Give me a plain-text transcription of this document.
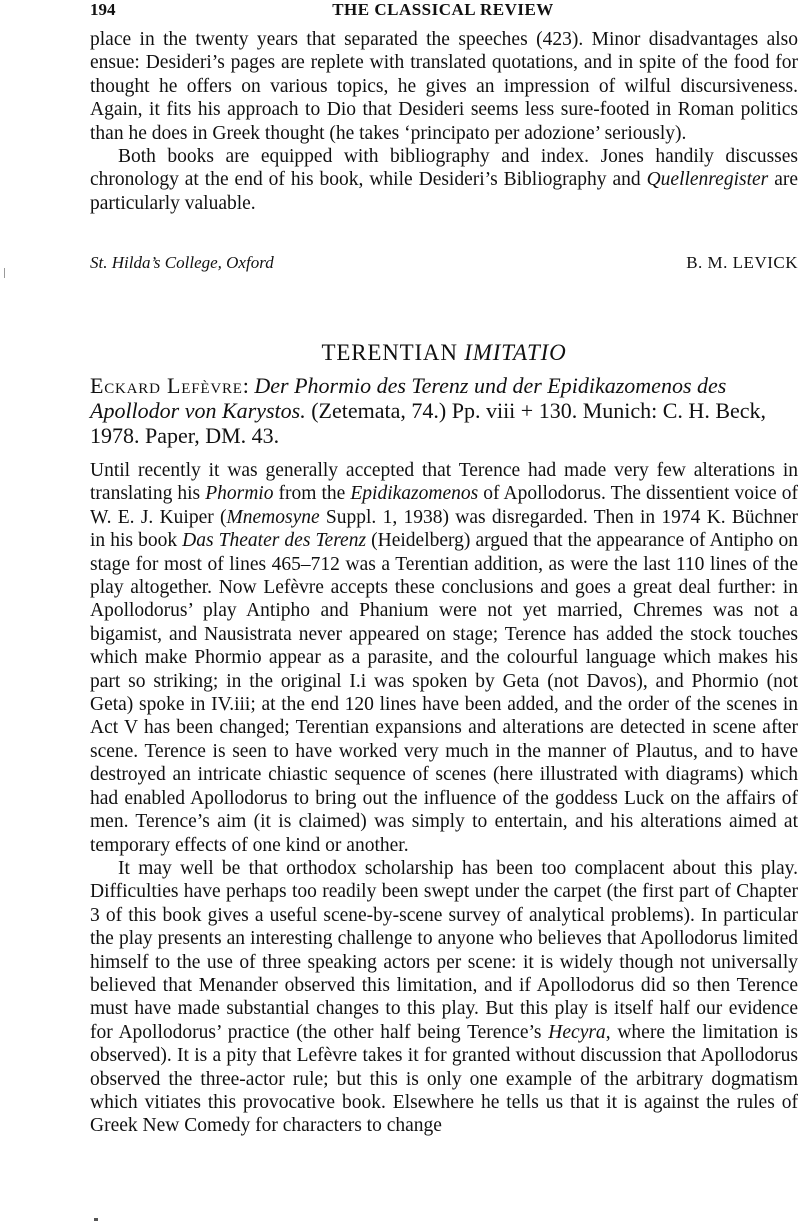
THE CLASSICAL REVIEW
194

place in the twenty years that separated the speeches (423). Minor disadvantages also ensue: Desideri’s pages are replete with translated quotations, and in spite of the food for thought he offers on various topics, he gives an impression of wilful discursiveness. Again, it fits his approach to Dio that Desideri seems less sure-footed in Roman politics than he does in Greek thought (he takes ‘principato per adozione’ seriously).

Both books are equipped with bibliography and index. Jones handily discusses chronology at the end of his book, while Desideri’s Bibliography and Quellenregister are particularly valuable.

St. Hilda’s College, Oxford	B. M. LEVICK
TERENTIAN IMITATIO
Eckard Lefèvre: Der Phormio des Terenz und der Epidikazomenos des Apollodor von Karystos. (Zetemata, 74.) Pp. viii + 130. Munich: C. H. Beck, 1978. Paper, DM. 43.

Until recently it was generally accepted that Terence had made very few alterations in translating his Phormio from the Epidikazomenos of Apollodorus. The dissentient voice of W. E. J. Kuiper (Mnemosyne Suppl. 1, 1938) was disregarded. Then in 1974 K. Büchner in his book Das Theater des Terenz (Heidelberg) argued that the appearance of Antipho on stage for most of lines 465–712 was a Terentian addition, as were the last 110 lines of the play altogether. Now Lefèvre accepts these conclusions and goes a great deal further: in Apollodorus’ play Antipho and Phanium were not yet married, Chremes was not a bigamist, and Nausistrata never appeared on stage; Terence has added the stock touches which make Phormio appear as a parasite, and the colourful language which makes his part so striking; in the original I.i was spoken by Geta (not Davos), and Phormio (not Geta) spoke in IV.iii; at the end 120 lines have been added, and the order of the scenes in Act V has been changed; Terentian expansions and alterations are detected in scene after scene. Terence is seen to have worked very much in the manner of Plautus, and to have destroyed an intricate chiastic sequence of scenes (here illustrated with diagrams) which had enabled Apollodorus to bring out the influence of the goddess Luck on the affairs of men. Terence’s aim (it is claimed) was simply to entertain, and his alterations aimed at temporary effects of one kind or another.

It may well be that orthodox scholarship has been too complacent about this play. Difficulties have perhaps too readily been swept under the carpet (the first part of Chapter 3 of this book gives a useful scene-by-scene survey of analytical problems). In particular the play presents an interesting challenge to anyone who believes that Apollodorus limited himself to the use of three speaking actors per scene: it is widely though not universally believed that Menander observed this limitation, and if Apollodorus did so then Terence must have made substantial changes to this play. But this play is itself half our evidence for Apollodorus’ practice (the other half being Terence’s Hecyra, where the limitation is observed). It is a pity that Lefèvre takes it for granted without discussion that Apollodorus observed the three-actor rule; but this is only one example of the arbitrary dogmatism which vitiates this provocative book. Elsewhere he tells us that it is against the rules of Greek New Comedy for characters to change
